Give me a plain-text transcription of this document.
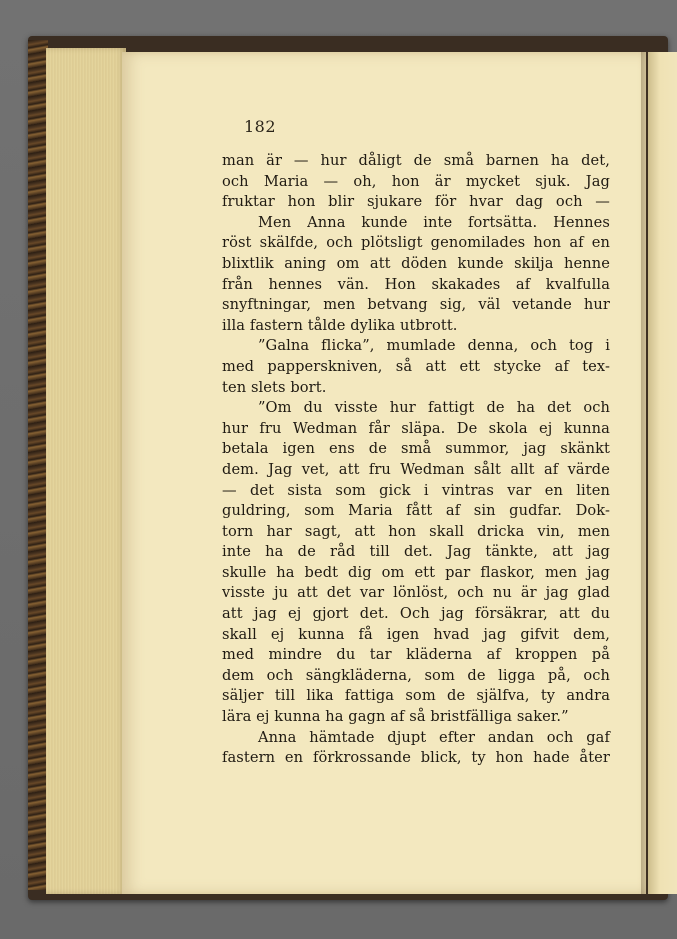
182
man är — hur dåligt de små barnen ha det,
och Maria — oh, hon är mycket sjuk. Jag
fruktar hon blir sjukare för hvar dag och —
Men Anna kunde inte fortsätta. Hennes
röst skälfde, och plötsligt genomilades hon af en
blixtlik aning om att döden kunde skilja henne
från hennes vän. Hon skakades af kvalfulla
snyftningar, men betvang sig, väl vetande hur
illa fastern tålde dylika utbrott.
”Galna flicka”, mumlade denna, och tog i
med papperskniven, så att ett stycke af tex-
ten slets bort.
”Om du visste hur fattigt de ha det och
hur fru Wedman får släpa. De skola ej kunna
betala igen ens de små summor, jag skänkt
dem. Jag vet, att fru Wedman sålt allt af värde
— det sista som gick i vintras var en liten
guldring, som Maria fått af sin gudfar. Dok-
torn har sagt, att hon skall dricka vin, men
inte ha de råd till det. Jag tänkte, att jag
skulle ha bedt dig om ett par flaskor, men jag
visste ju att det var lönlöst, och nu är jag glad
att jag ej gjort det. Och jag försäkrar, att du
skall ej kunna få igen hvad jag gifvit dem,
med mindre du tar kläderna af kroppen på
dem och sängkläderna, som de ligga på, och
säljer till lika fattiga som de själfva, ty andra
lära ej kunna ha gagn af så bristfälliga saker.”
Anna hämtade djupt efter andan och gaf
fastern en förkrossande blick, ty hon hade åter
